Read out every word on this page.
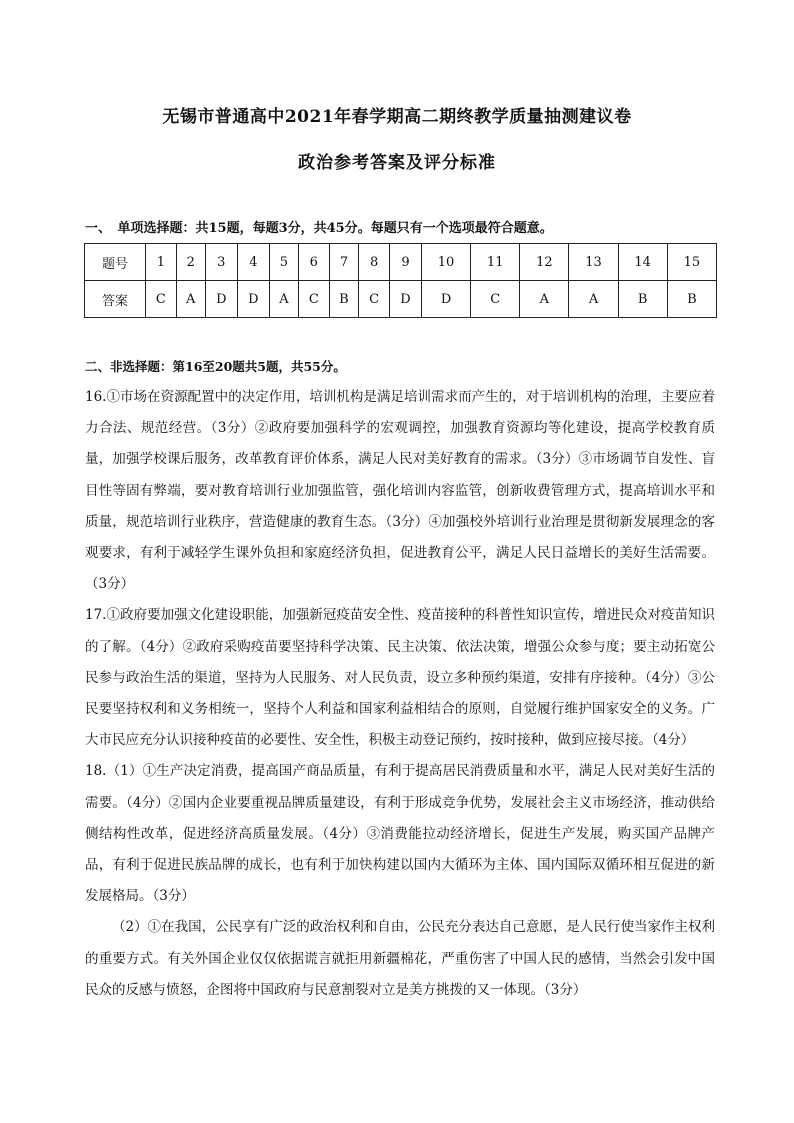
无锡市普通高中2021年春学期高二期终教学质量抽测建议卷
政治参考答案及评分标准
一、　单项选择题：共15题，每题3分，共45分。每题只有一个选项最符合题意。
题号	1	2	3	4	5	6	7	8	9	10	11	12	13	14	15
答案	C	A	D	D	A	C	B	C	D	D	C	A	A	B	B
二、非选择题：第16至20题共5题，共55分。

16.①市场在资源配置中的决定作用，培训机构是满足培训需求而产生的，对于培训机构的治理，主要应着力合法、规范经营。（3分）②政府要加强科学的宏观调控，加强教育资源均等化建设，提高学校教育质量，加强学校课后服务，改革教育评价体系，满足人民对美好教育的需求。（3分）③市场调节自发性、盲目性等固有弊端，要对教育培训行业加强监管，强化培训内容监管，创新收费管理方式，提高培训水平和质量，规范培训行业秩序，营造健康的教育生态。（3分）④加强校外培训行业治理是贯彻新发展理念的客观要求，有利于减轻学生课外负担和家庭经济负担，促进教育公平，满足人民日益增长的美好生活需要。（3分）

17.①政府要加强文化建设职能，加强新冠疫苗安全性、疫苗接种的科普性知识宣传，增进民众对疫苗知识的了解。（4分）②政府采购疫苗要坚持科学决策、民主决策、依法决策，增强公众参与度；要主动拓宽公民参与政治生活的渠道，坚持为人民服务、对人民负责，设立多种预约渠道，安排有序接种。（4分）③公民要坚持权利和义务相统一，坚持个人利益和国家利益相结合的原则，自觉履行维护国家安全的义务。广大市民应充分认识接种疫苗的必要性、安全性，积极主动登记预约，按时接种，做到应接尽接。（4分）

18.（1）①生产决定消费，提高国产商品质量，有利于提高居民消费质量和水平，满足人民对美好生活的需要。（4分）②国内企业要重视品牌质量建设，有利于形成竞争优势，发展社会主义市场经济，推动供给侧结构性改革，促进经济高质量发展。（4分）③消费能拉动经济增长，促进生产发展，购买国产品牌产品，有利于促进民族品牌的成长，也有利于加快构建以国内大循环为主体、国内国际双循环相互促进的新发展格局。（3分）

（2）①在我国，公民享有广泛的政治权利和自由，公民充分表达自己意愿，是人民行使当家作主权利的重要方式。有关外国企业仅仅依据谎言就拒用新疆棉花，严重伤害了中国人民的感情，当然会引发中国民众的反感与愤怒，企图将中国政府与民意割裂对立是美方挑拨的又一体现。（3分）
